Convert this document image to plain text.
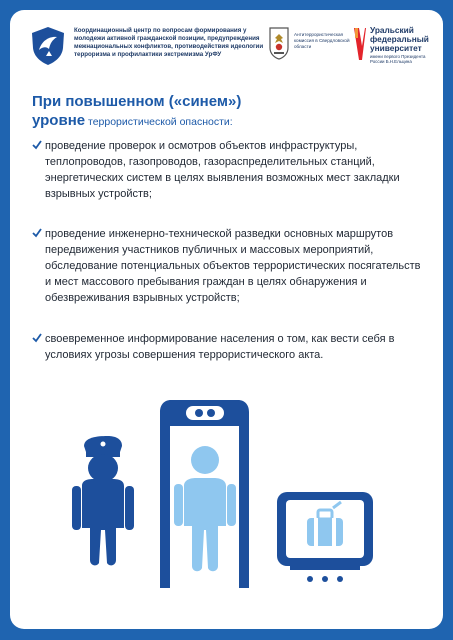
Координационный центр по вопросам формирования у молодежи активной гражданской позиции, предупреждения межнациональных конфликтов, противодействия идеологии терроризма и профилактики экстремизма УрФУ
Антитеррористическая комиссия в Свердловской области
Уральский федеральный университет
имени первого Президента России Б.Н.Ельцина
При повышенном («синем»)
уровне террористической опасности:
проведение проверок и осмотров объектов инфраструктуры, теплопроводов, газопроводов, газораспределительных станций, энергетических систем в целях выявления возможных мест закладки взрывных устройств;
проведение инженерно-технической разведки основных маршрутов передвижения участников публичных и массовых мероприятий, обследование потенциальных объектов террористических посягательств и мест массового пребывания граждан в целях обнаружения и обезвреживания взрывных устройств;
своевременное информирование населения о том, как вести себя в условиях угрозы совершения террористического акта.
